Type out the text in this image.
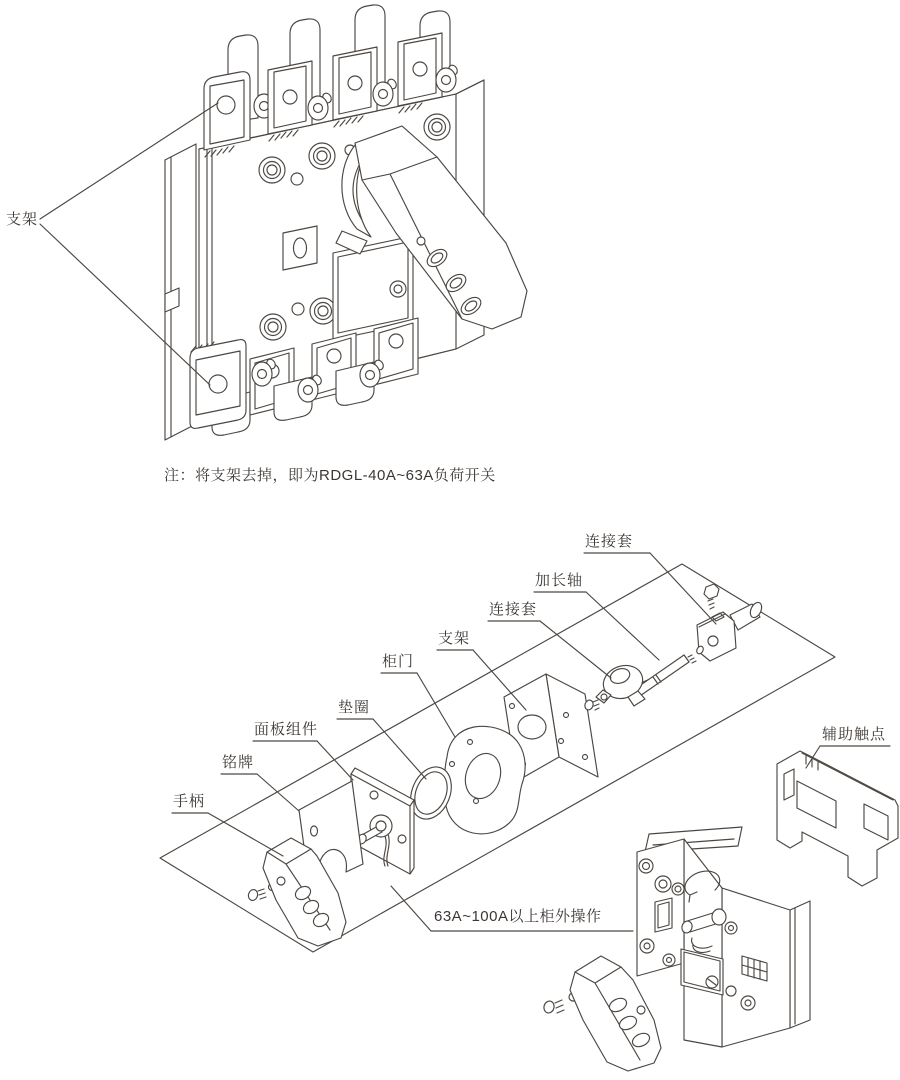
支架
注：将支架去掉，即为RDGL-40A~63A负荷开关
连接套
加长轴
连接套
支架
柜门
垫圈
面板组件
铭牌
手柄
辅助触点
63A~100A以上柜外操作
